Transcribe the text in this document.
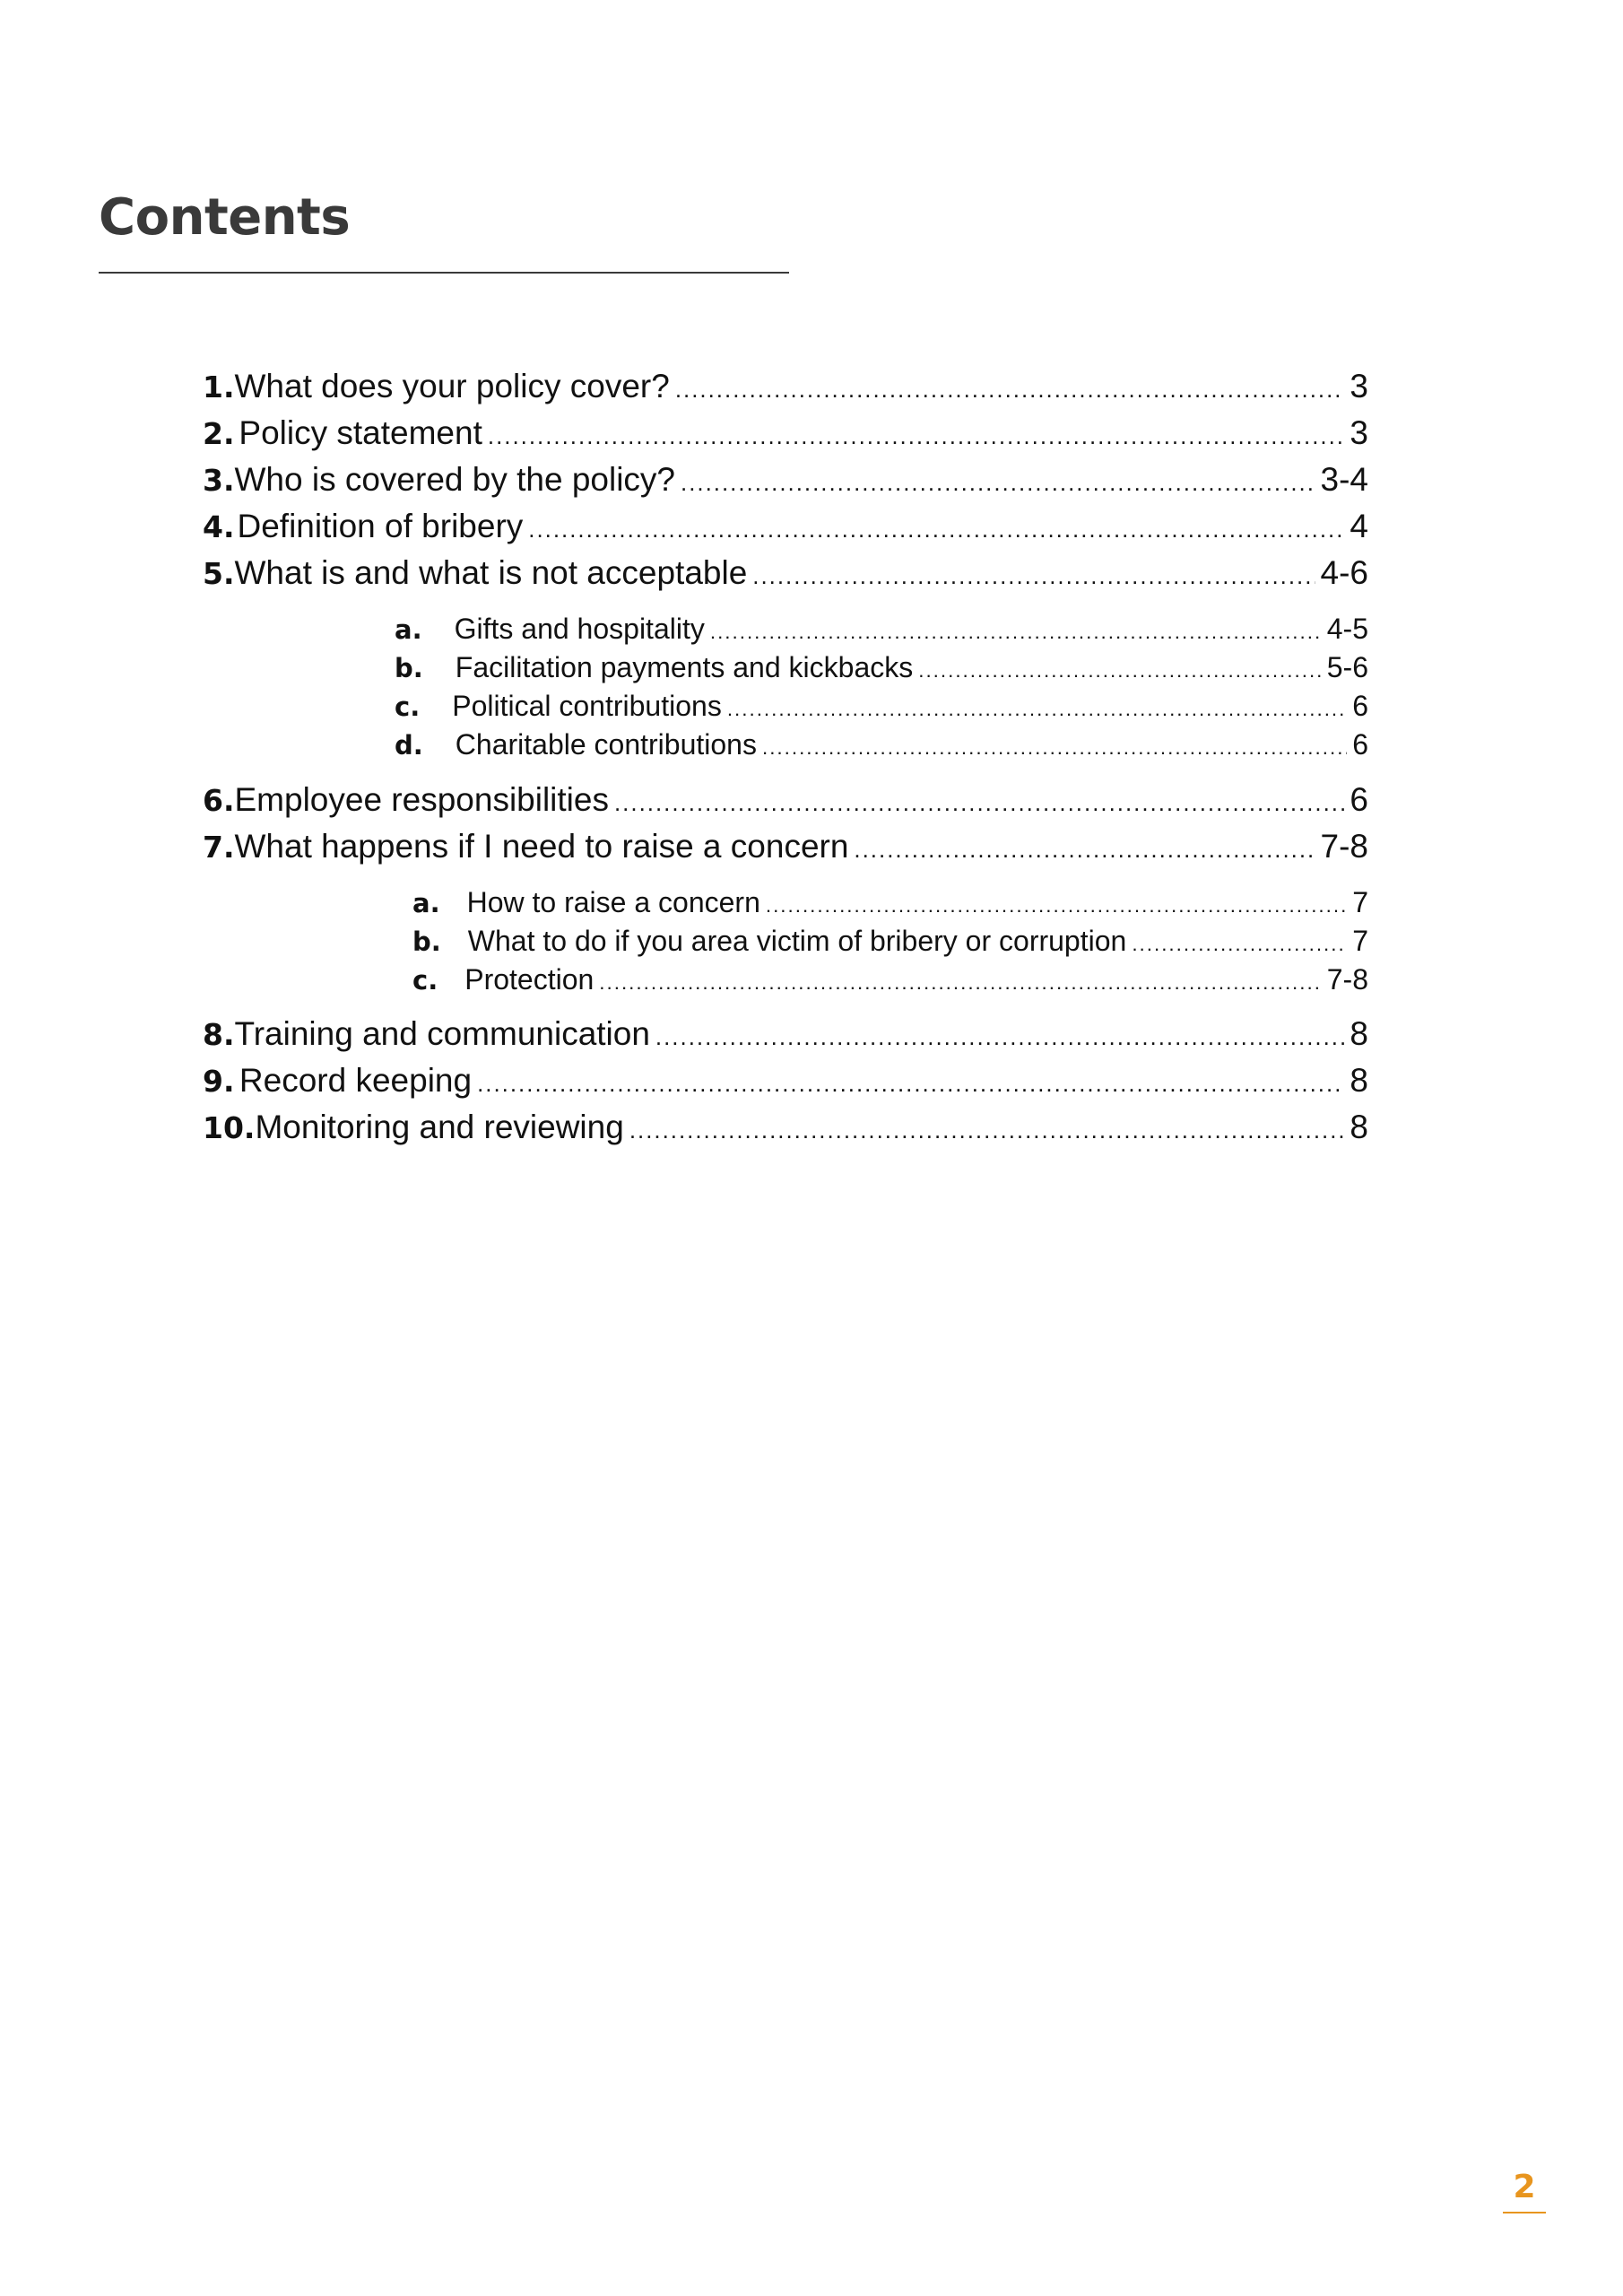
Contents
1. What does your policy cover? .....	3
2. Policy statement .....	3
3. Who is covered by the policy? .....	3-4
4. Definition of bribery .....	4
5. What is and what is not acceptable .....	4-6
a.	Gifts and hospitality .....	4-5
b.	Facilitation payments and kickbacks .....	5-6
c.	Political contributions .....	6
d.	Charitable contributions .....	6
6. Employee responsibilities .....	6
7. What happens if I need to raise a concern .....	7-8
a. How to raise a concern .....	7
b. What to do if you area victim of bribery or corruption .....	7
c. Protection .....	7-8
8. Training and communication .....	8
9. Record keeping .....	8
10. Monitoring and reviewing .....	8
2
